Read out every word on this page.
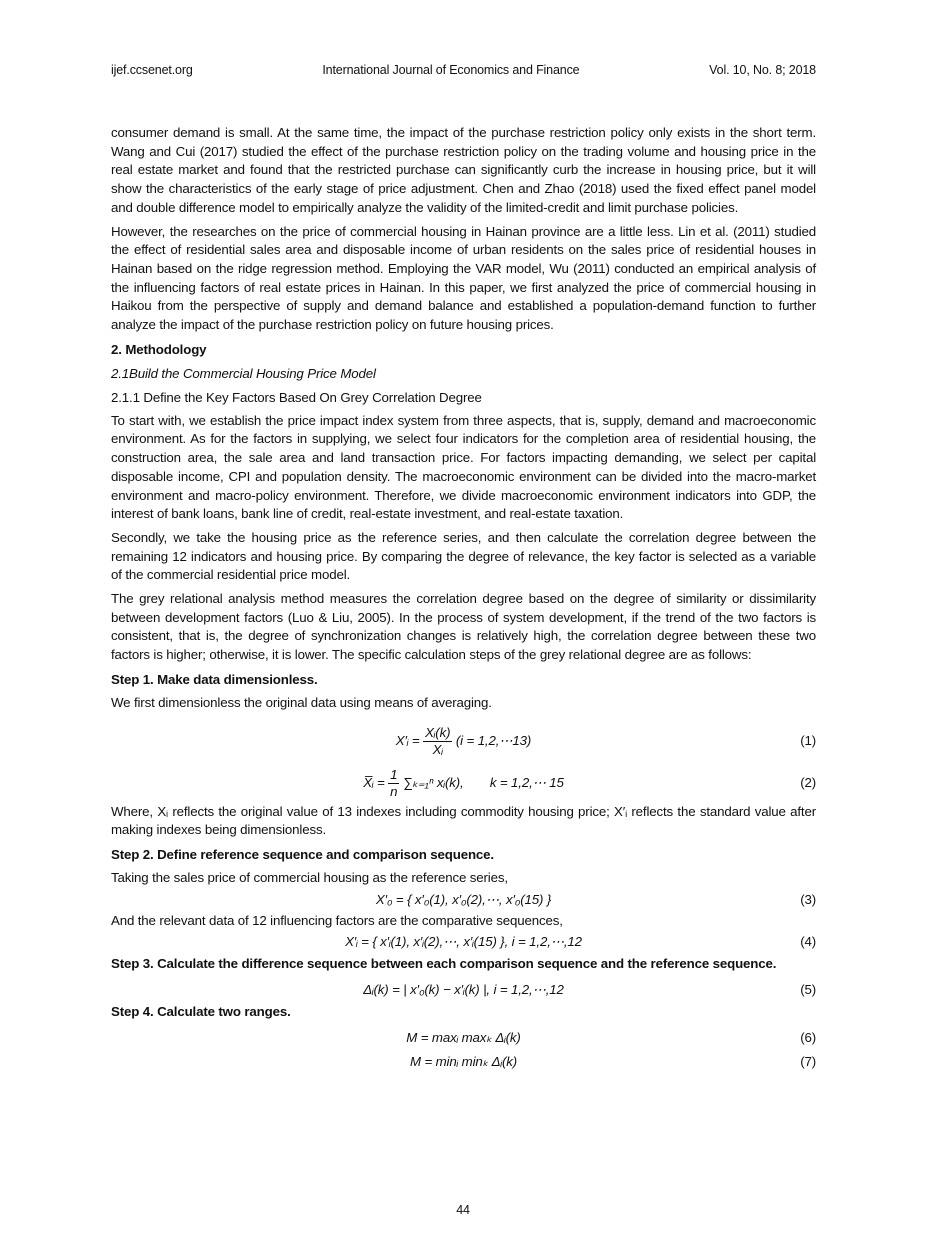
ijef.ccsenet.org	International Journal of Economics and Finance	Vol. 10, No. 8; 2018

consumer demand is small. At the same time, the impact of the purchase restriction policy only exists in the short term. Wang and Cui (2017) studied the effect of the purchase restriction policy on the trading volume and housing price in the real estate market and found that the restricted purchase can significantly curb the increase in housing price, but it will show the characteristics of the early stage of price adjustment. Chen and Zhao (2018) used the fixed effect panel model and double difference model to empirically analyze the validity of the limited-credit and limit purchase policies.

However, the researches on the price of commercial housing in Hainan province are a little less. Lin et al. (2011) studied the effect of residential sales area and disposable income of urban residents on the sales price of residential houses in Hainan based on the ridge regression method. Employing the VAR model, Wu (2011) conducted an empirical analysis of the influencing factors of real estate prices in Hainan. In this paper, we first analyzed the price of commercial housing in Haikou from the perspective of supply and demand balance and established a population-demand function to further analyze the impact of the purchase restriction policy on future housing prices.

2. Methodology
2.1Build the Commercial Housing Price Model
2.1.1 Define the Key Factors Based On Grey Correlation Degree

To start with, we establish the price impact index system from three aspects, that is, supply, demand and macroeconomic environment. As for the factors in supplying, we select four indicators for the completion area of residential housing, the construction area, the sale area and land transaction price. For factors impacting demanding, we select per capital disposable income, CPI and population density. The macroeconomic environment can be divided into the macro-market environment and macro-policy environment. Therefore, we divide macroeconomic environment indicators into GDP, the interest of bank loans, bank line of credit, real-estate investment, and real-estate taxation.

Secondly, we take the housing price as the reference series, and then calculate the correlation degree between the remaining 12 indicators and housing price. By comparing the degree of relevance, the key factor is selected as a variable of the commercial residential price model.

The grey relational analysis method measures the correlation degree based on the degree of similarity or dissimilarity between development factors (Luo & Liu, 2005). In the process of system development, if the trend of the two factors is consistent, that is, the degree of synchronization changes is relatively high, the correlation degree between these two factors is higher; otherwise, it is lower. The specific calculation steps of the grey relational degree are as follows:

Step 1. Make data dimensionless.

We first dimensionless the original data using means of averaging.

X′ᵢ = $\frac{\text{Xᵢ(k)}}{\text{Xᵢ}} (i$ = 1,2,⋯13)	(1)
X̅ᵢ = $\frac{1}{n} \sum_{k=1}^n$ xᵢ(k),  k = 1,2,⋯ 15	(2)

Where, Xᵢ reflects the original value of 13 indexes including commodity housing price; X′ᵢ reflects the standard value after making indexes being dimensionless.

Step 2. Define reference sequence and comparison sequence.

Taking the sales price of commercial housing as the reference series,

X′₀ = { x′₀(1), x′₀(2),⋯, x′₀(15) }	(3)

And the relevant data of 12 influencing factors are the comparative sequences,

X′ᵢ = { x′ᵢ(1), x′ᵢ(2),⋯, x′ᵢ(15) }, i = 1,2,⋯,12	(4)
Step 3. Calculate the difference sequence between each comparison sequence and the reference sequence.
Δᵢ(k) = | x′₀(k) − x′ᵢ(k) |, i = 1,2,⋯,12	(5)
Step 4. Calculate two ranges.
M = maxᵢ maxₖ Δᵢ(k)	(6)
M = minᵢ minₖ Δᵢ(k)	(7)
44
